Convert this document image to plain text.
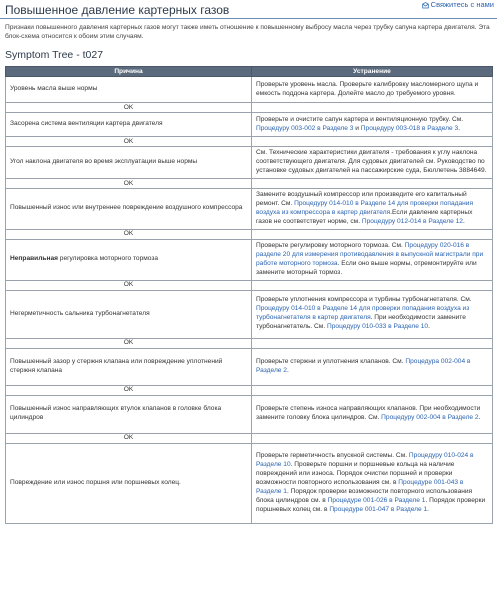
Повышенное давление картерных газов	Свяжитесь с нами
Признаки повышенного давления картерных газов могут также иметь отношение к повышенному выбросу масла через трубку сапуна картера двигателя. Эта блок-схема относится к обоим этим случаям.
Symptom Tree - t027
Причина	Устранение
Уровень масла выше нормы	Проверьте уровень масла. Проверьте калибровку масломерного щупа и емкость поддона картера. Долейте масло до требуемого уровня.
OK	
Засорена система вентиляции картера двигателя	Проверьте и очистите сапун картера и вентиляционную трубку. См. Процедуру 003-002 в Разделе 3 и Процедуру 003-018 в Разделе 3.
OK	
Угол наклона двигателя во время эксплуатации выше нормы	См. Технические характеристики двигателя - требования к углу наклона соответствующего двигателя. Для судовых двигателей см. Руководство по установке судовых двигателей на пассажирские суда, Бюллетень 3884649.
OK	
Повышенный износ или внутреннее повреждение воздушного компрессора	Замените воздушный компрессор или произведите его капитальный ремонт. См. Процедуру 014-010 в Разделе 14 для проверки попадания воздуха из компрессора в картер двигателя.Если давление картерных газов не соответствует норме, см. Процедуру 012-014 в Разделе 12.
OK	
Неправильная регулировка моторного тормоза	Проверьте регулировку моторного тормоза. См. Процедуру 020-016 в разделе 20 для измерения противодавления в выпускной магистрали при работе моторного тормоза. Если оно выше нормы, отремонтируйте или замените моторный тормоз.
OK	
Негерметичность сальника турбонагнетателя	Проверьте уплотнения компрессора и турбины турбонагнетателя. См. Процедуру 014-010 в Разделе 14 для проверки попадания воздуха из турбонагнетателя в картер двигателя. При необходимости замените турбонагнетатель. См. Процедуру 010-033 в Разделе 10.
OK	
Повышенный зазор у стержня клапана или повреждение уплотнений стержня клапана	Проверьте стержни и уплотнения клапанов. См. Процедура 002-004 в Разделе 2.
OK	
Повышенный износ направляющих втулок клапанов в головке блока цилиндров	Проверьте степень износа направляющих клапанов. При необходимости замените головку блока цилиндров. См. Процедуру 002-004 в Разделе 2.
OK	
Повреждение или износ поршня или поршневых колец.	Проверьте герметичность впускной системы. См. Процедуру 010-024 в Разделе 10. Проверьте поршни и поршневые кольца на наличие повреждений или износа. Порядок очистки поршней и проверки возможности повторного использования см. в Процедуре 001-043 в Разделе 1. Порядок проверки возможности повторного использования блока цилиндров см. в Процедуре 001-026 в Разделе 1. Порядок проверки поршневых колец см. в Процедуре 001-047 в Разделе 1.
